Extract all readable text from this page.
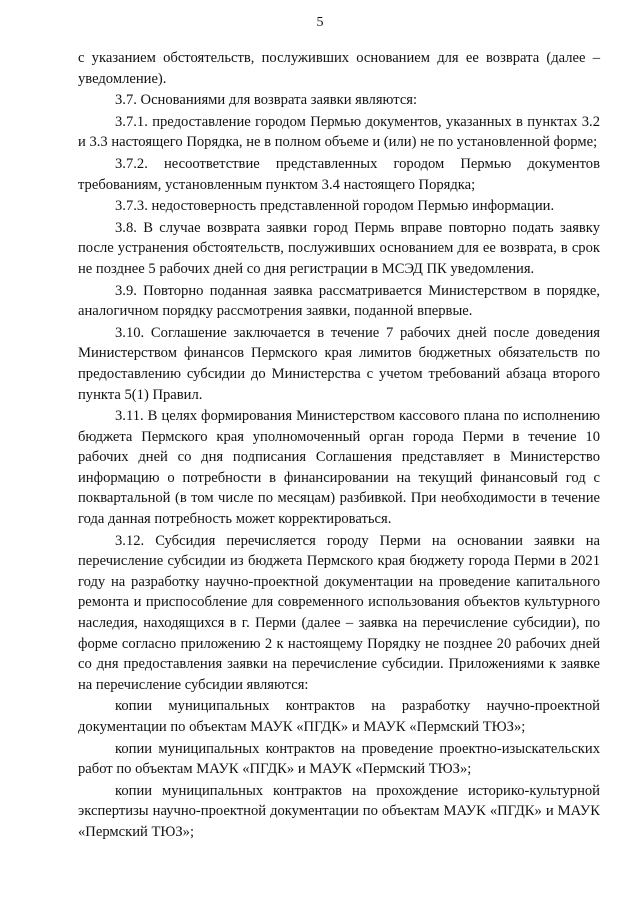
5

с указанием обстоятельств, послуживших основанием для ее возврата (далее – уведомление).

3.7. Основаниями для возврата заявки являются:

3.7.1. предоставление городом Пермью документов, указанных в пунктах 3.2 и 3.3 настоящего Порядка, не в полном объеме и (или) не по установленной форме;

3.7.2. несоответствие представленных городом Пермью документов требованиям, установленным пунктом 3.4 настоящего Порядка;

3.7.3. недостоверность представленной городом Пермью информации.

3.8. В случае возврата заявки город Пермь вправе повторно подать заявку после устранения обстоятельств, послуживших основанием для ее возврата, в срок не позднее 5 рабочих дней со дня регистрации в МСЭД ПК уведомления.

3.9. Повторно поданная заявка рассматривается Министерством в порядке, аналогичном порядку рассмотрения заявки, поданной впервые.

3.10. Соглашение заключается в течение 7 рабочих дней после доведения Министерством финансов Пермского края лимитов бюджетных обязательств по предоставлению субсидии до Министерства с учетом требований абзаца второго пункта 5(1) Правил.

3.11. В целях формирования Министерством кассового плана по исполнению бюджета Пермского края уполномоченный орган города Перми в течение 10 рабочих дней со дня подписания Соглашения представляет в Министерство информацию о потребности в финансировании на текущий финансовый год с поквартальной (в том числе по месяцам) разбивкой. При необходимости в течение года данная потребность может корректироваться.

3.12. Субсидия перечисляется городу Перми на основании заявки на перечисление субсидии из бюджета Пермского края бюджету города Перми в 2021 году на разработку научно-проектной документации на проведение капитального ремонта и приспособление для современного использования объектов культурного наследия, находящихся в г. Перми (далее – заявка на перечисление субсидии), по форме согласно приложению 2 к настоящему Порядку не позднее 20 рабочих дней со дня предоставления заявки на перечисление субсидии. Приложениями к заявке на перечисление субсидии являются:

копии муниципальных контрактов на разработку научно-проектной документации по объектам МАУК «ПГДК» и МАУК «Пермский ТЮЗ»;

копии муниципальных контрактов на проведение проектно-изыскательских работ по объектам МАУК «ПГДК» и МАУК «Пермский ТЮЗ»;

копии муниципальных контрактов на прохождение историко-культурной экспертизы научно-проектной документации по объектам МАУК «ПГДК» и МАУК «Пермский ТЮЗ»;
